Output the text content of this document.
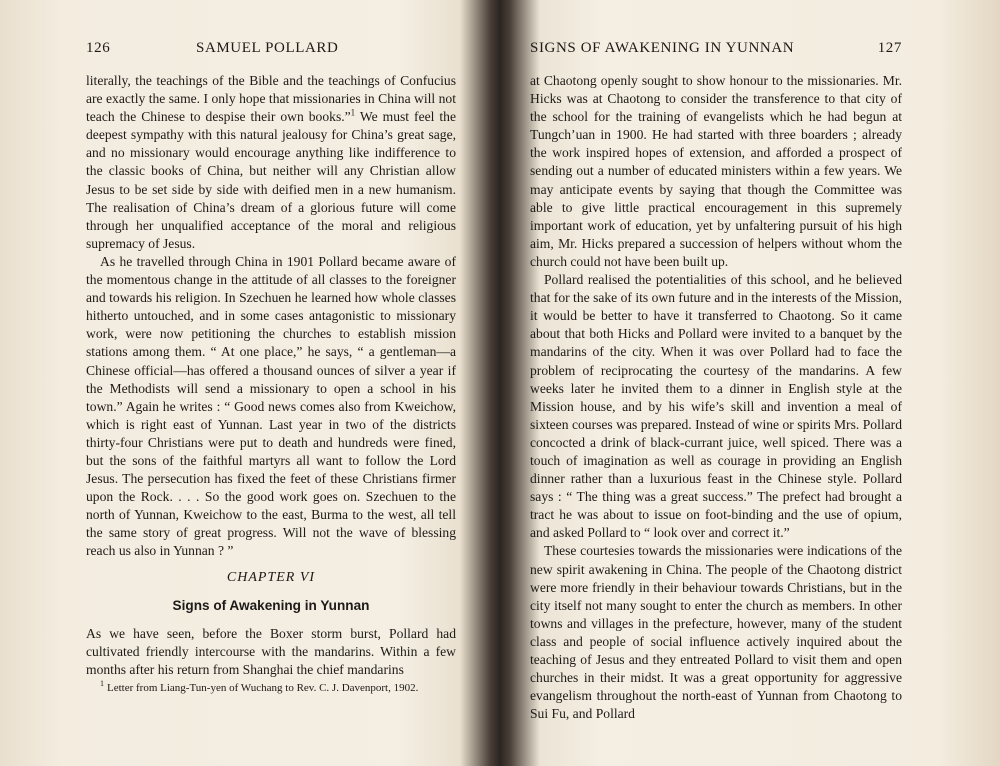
126	SAMUEL POLLARD

literally, the teachings of the Bible and the teachings of Confucius are exactly the same. I only hope that missionaries in China will not teach the Chinese to despise their own books.”$^1$ We must feel the deepest sympathy with this natural jealousy for China’s great sage, and no missionary would encourage anything like indifference to the classic books of China, but neither will any Christian allow Jesus to be set side by side with deified men in a new humanism. The realisation of China’s dream of a glorious future will come through her unqualified acceptance of the moral and religious supremacy of Jesus.

As he travelled through China in 1901 Pollard became aware of the momentous change in the attitude of all classes to the foreigner and towards his religion. In Szechuen he learned how whole classes hitherto untouched, and in some cases antagonistic to missionary work, were now petitioning the churches to establish mission stations among them. “ At one place,” he says, “ a gentleman—a Chinese official—has offered a thousand ounces of silver a year if the Methodists will send a missionary to open a school in his town.” Again he writes : “ Good news comes also from Kweichow, which is right east of Yunnan. Last year in two of the districts thirty-four Christians were put to death and hundreds were fined, but the sons of the faithful martyrs all want to follow the Lord Jesus. The persecution has fixed the feet of these Christians firmer upon the Rock. . . . So the good work goes on. Szechuen to the north of Yunnan, Kweichow to the east, Burma to the west, all tell the same story of great progress. Will not the wave of blessing reach us also in Yunnan ? ”

CHAPTER VI
Signs of Awakening in Yunnan

As we have seen, before the Boxer storm burst, Pollard had cultivated friendly intercourse with the mandarins. Within a few months after his return from Shanghai the chief mandarins

$^1$ Letter from Liang-Tun-yen of Wuchang to Rev. C. J. Davenport, 1902.
SIGNS OF AWAKENING IN YUNNAN	127

at Chaotong openly sought to show honour to the missionaries. Mr. Hicks was at Chaotong to consider the transference to that city of the school for the training of evangelists which he had begun at Tungch’uan in 1900. He had started with three boarders ; already the work inspired hopes of extension, and afforded a prospect of sending out a number of educated ministers within a few years. We may anticipate events by saying that though the Committee was able to give little practical encouragement in this supremely important work of education, yet by unfaltering pursuit of his high aim, Mr. Hicks prepared a succession of helpers without whom the church could not have been built up.

Pollard realised the potentialities of this school, and he believed that for the sake of its own future and in the interests of the Mission, it would be better to have it transferred to Chaotong. So it came about that both Hicks and Pollard were invited to a banquet by the mandarins of the city. When it was over Pollard had to face the problem of reciprocating the courtesy of the mandarins. A few weeks later he invited them to a dinner in English style at the Mission house, and by his wife’s skill and invention a meal of sixteen courses was prepared. Instead of wine or spirits Mrs. Pollard concocted a drink of black-currant juice, well spiced. There was a touch of imagination as well as courage in providing an English dinner rather than a luxurious feast in the Chinese style. Pollard says : “ The thing was a great success.” The prefect had brought a tract he was about to issue on foot-binding and the use of opium, and asked Pollard to “ look over and correct it.”

These courtesies towards the missionaries were indications of the new spirit awakening in China. The people of the Chaotong district were more friendly in their behaviour towards Christians, but in the city itself not many sought to enter the church as members. In other towns and villages in the prefecture, however, many of the student class and people of social influence actively inquired about the teaching of Jesus and they entreated Pollard to visit them and open churches in their midst. It was a great opportunity for aggressive evangelism throughout the north-east of Yunnan from Chaotong to Sui Fu, and Pollard
